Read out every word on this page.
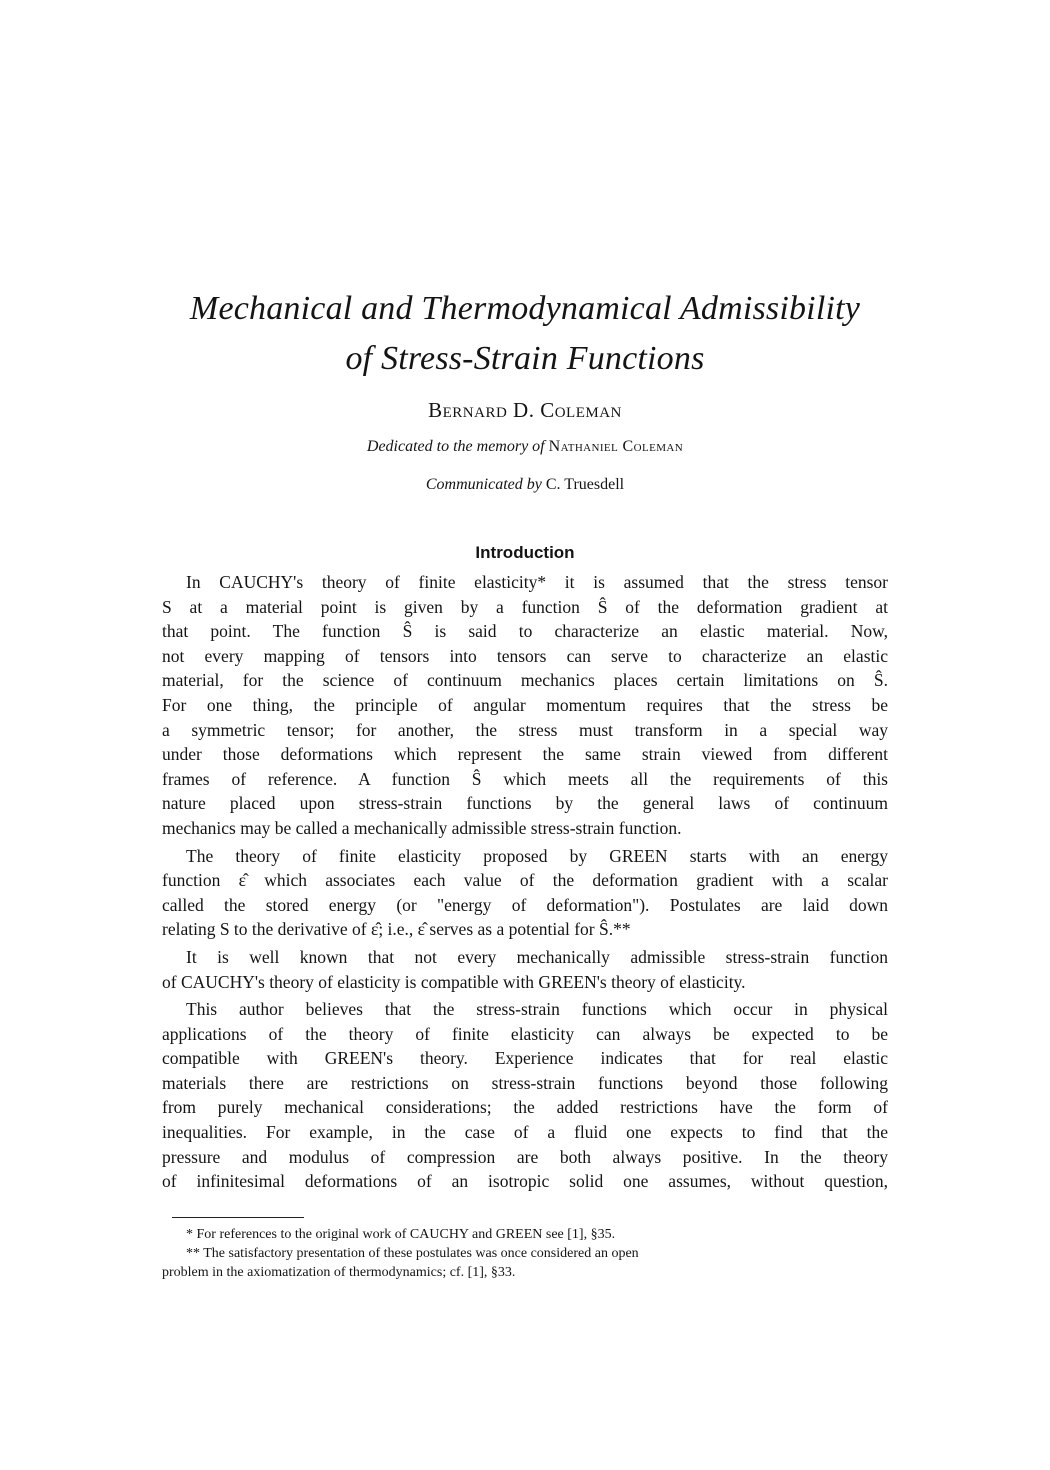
Mechanical and Thermodynamical Admissibility
of Stress-Strain Functions
Bernard D. Coleman
Dedicated to the memory of Nathaniel Coleman
Communicated by C. Truesdell
Introduction

In CAUCHY's theory of finite elasticity* it is assumed that the stress tensor
S at a material point is given by a function Ŝ of the deformation gradient at
that point. The function Ŝ is said to characterize an elastic material. Now,
not every mapping of tensors into tensors can serve to characterize an elastic
material, for the science of continuum mechanics places certain limitations on Ŝ.
For one thing, the principle of angular momentum requires that the stress be
a symmetric tensor; for another, the stress must transform in a special way
under those deformations which represent the same strain viewed from different
frames of reference. A function Ŝ which meets all the requirements of this
nature placed upon stress-strain functions by the general laws of continuum
mechanics may be called a mechanically admissible stress-strain function.

The theory of finite elasticity proposed by GREEN starts with an energy
function ε̂ which associates each value of the deformation gradient with a scalar
called the stored energy (or "energy of deformation"). Postulates are laid down
relating S to the derivative of ε̂; i.e., ε̂ serves as a potential for Ŝ.**

It is well known that not every mechanically admissible stress-strain function
of CAUCHY's theory of elasticity is compatible with GREEN's theory of elasticity.

This author believes that the stress-strain functions which occur in physical
applications of the theory of finite elasticity can always be expected to be
compatible with GREEN's theory. Experience indicates that for real elastic
materials there are restrictions on stress-strain functions beyond those following
from purely mechanical considerations; the added restrictions have the form of
inequalities. For example, in the case of a fluid one expects to find that the
pressure and modulus of compression are both always positive. In the theory
of infinitesimal deformations of an isotropic solid one assumes, without question,

* For references to the original work of CAUCHY and GREEN see [1], §35.

** The satisfactory presentation of these postulates was once considered an open

problem in the axiomatization of thermodynamics; cf. [1], §33.
